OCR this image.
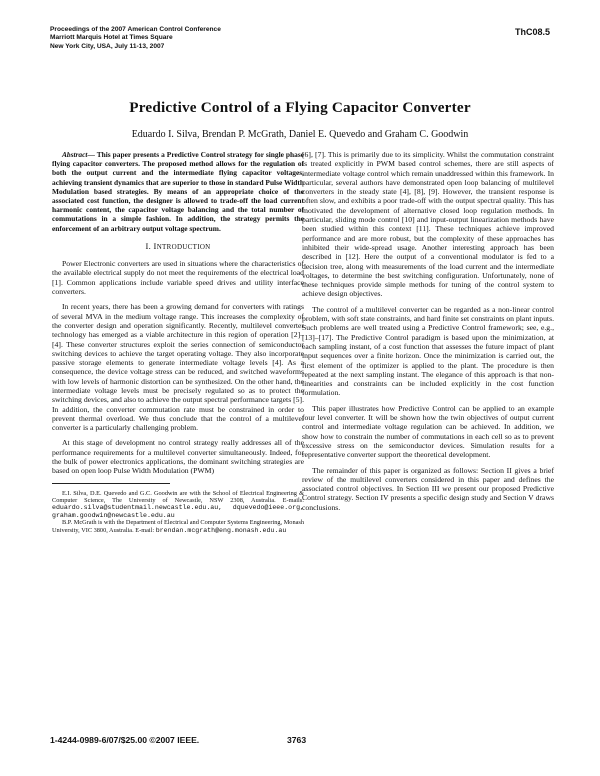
Proceedings of the 2007 American Control Conference
Marriott Marquis Hotel at Times Square
New York City, USA, July 11-13, 2007
ThC08.5
Predictive Control of a Flying Capacitor Converter
Eduardo I. Silva, Brendan P. McGrath, Daniel E. Quevedo and Graham C. Goodwin

Abstract— This paper presents a Predictive Control strategy for single phase flying capacitor converters. The proposed method allows for the regulation of both the output current and the intermediate flying capacitor voltages, achieving transient dynamics that are superior to those in standard Pulse Width Modulation based strategies. By means of an appropriate choice of the associated cost function, the designer is allowed to trade-off the load current harmonic content, the capacitor voltage balancing and the total number of commutations in a simple fashion. In addition, the strategy permits the enforcement of an arbitrary output voltage spectrum.

I. INTRODUCTION

Power Electronic converters are used in situations where the characteristics of the available electrical supply do not meet the requirements of the electrical load [1]. Common applications include variable speed drives and utility interface converters.

In recent years, there has been a growing demand for converters with ratings of several MVA in the medium voltage range. This increases the complexity of the converter design and operation significantly. Recently, multilevel converter technology has emerged as a viable architecture in this region of operation [2]–[4]. These converter structures exploit the series connection of semiconductor switching devices to achieve the target operating voltage. They also incorporate passive storage elements to generate intermediate voltage levels [4]. As a consequence, the device voltage stress can be reduced, and switched waveforms with low levels of harmonic distortion can be synthesized. On the other hand, the intermediate voltage levels must be precisely regulated so as to protect the switching devices, and also to achieve the output spectral performance targets [5]. In addition, the converter commutation rate must be constrained in order to prevent thermal overload. We thus conclude that the control of a multilevel converter is a particularly challenging problem.

At this stage of development no control strategy really addresses all of the performance requirements for a multilevel converter simultaneously. Indeed, for the bulk of power electronics applications, the dominant switching strategies are based on open loop Pulse Width Modulation (PWM)

E.I. Silva, D.E. Quevedo and G.C. Goodwin are with the School of Electrical Engineering & Computer Science, The University of Newcastle, NSW 2308, Australia. E-mails: eduardo.silva@studentmail.newcastle.edu.au, dquevedo@ieee.org, graham.goodwin@newcastle.edu.au

B.P. McGrath is with the Department of Electrical and Computer Systems Engineering, Monash University, VIC 3800, Australia. E-mail: brendan.mcgrath@eng.monash.edu.au

[6], [7]. This is primarily due to its simplicity. Whilst the commutation constraint is treated explicitly in PWM based control schemes, there are still aspects of intermediate voltage control which remain unaddressed within this framework. In particular, several authors have demonstrated open loop balancing of multilevel converters in the steady state [4], [8], [9]. However, the transient response is often slow, and exhibits a poor trade-off with the output spectral quality. This has motivated the development of alternative closed loop regulation methods. In particular, sliding mode control [10] and input-output linearization methods have been studied within this context [11]. These techniques achieve improved performance and are more robust, but the complexity of these approaches has inhibited their wide-spread usage. Another interesting approach has been described in [12]. Here the output of a conventional modulator is fed to a decision tree, along with measurements of the load current and the intermediate voltages, to determine the best switching configuration. Unfortunately, none of these techniques provide simple methods for tuning of the control system to achieve design objectives.

The control of a multilevel converter can be regarded as a non-linear control problem, with soft state constraints, and hard finite set constraints on plant inputs. Such problems are well treated using a Predictive Control framework; see, e.g., [13]–[17]. The Predictive Control paradigm is based upon the minimization, at each sampling instant, of a cost function that assesses the future impact of plant input sequences over a finite horizon. Once the minimization is carried out, the first element of the optimizer is applied to the plant. The procedure is then repeated at the next sampling instant. The elegance of this approach is that non-linearities and constraints can be included explicitly in the cost function formulation.

This paper illustrates how Predictive Control can be applied to an example four level converter. It will be shown how the twin objectives of output current control and intermediate voltage regulation can be achieved. In addition, we show how to constrain the number of commutations in each cell so as to prevent excessive stress on the semiconductor devices. Simulation results for a representative converter support the theoretical development.

The remainder of this paper is organized as follows: Section II gives a brief review of the multilevel converters considered in this paper and defines the associated control objectives. In Section III we present our proposed Predictive Control strategy. Section IV presents a specific design study and Section V draws conclusions.

1-4244-0989-6/07/$25.00 ©2007 IEEE.	3763
